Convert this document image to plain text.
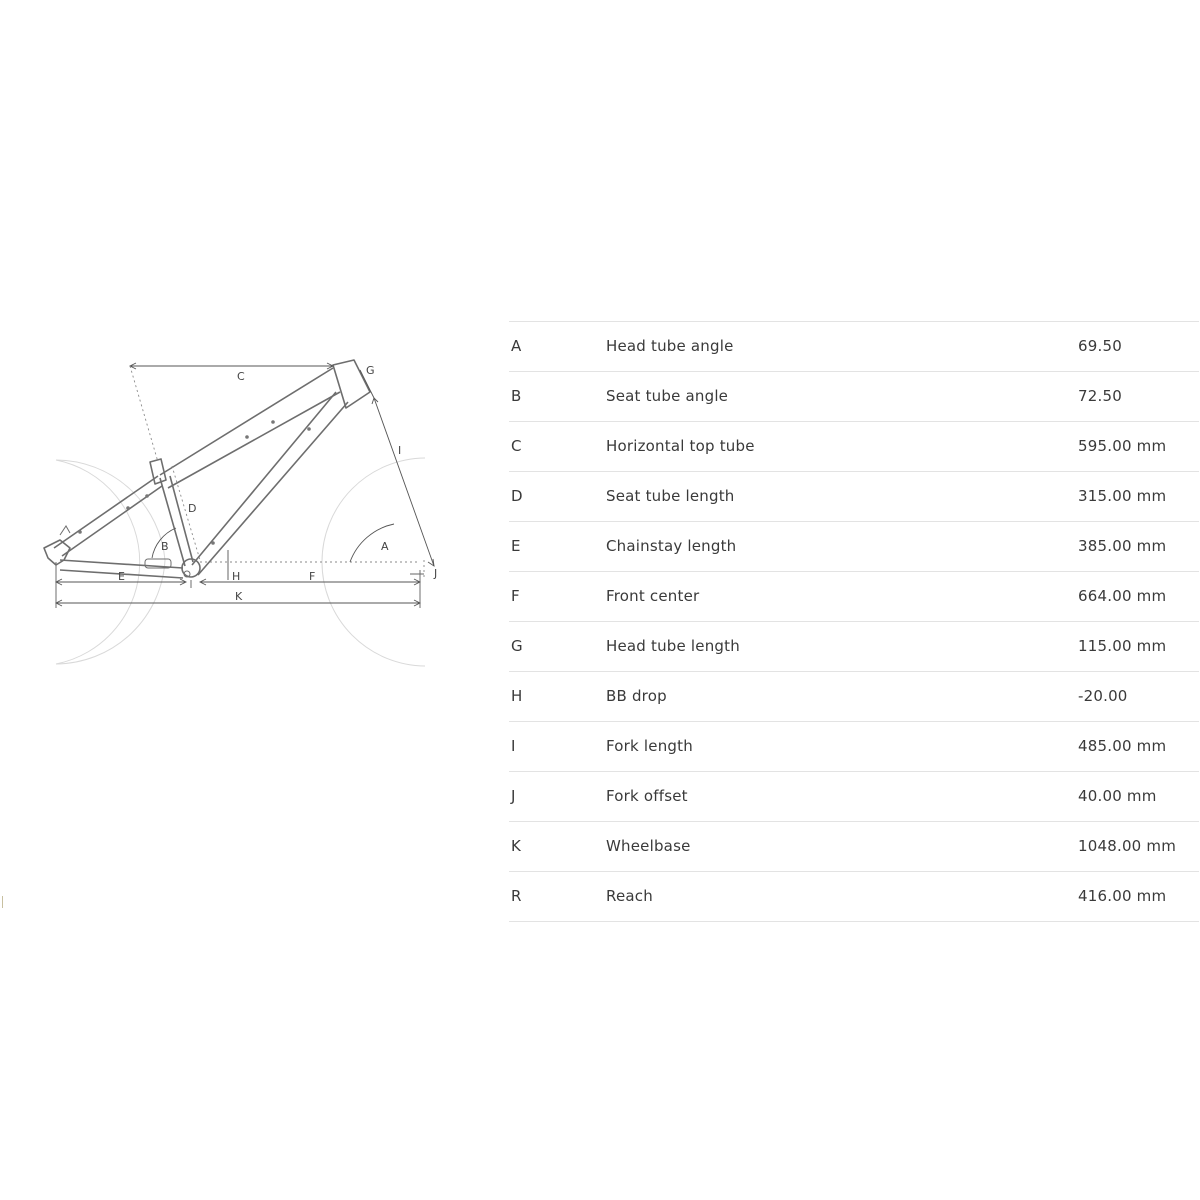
C	G
I
D
B	A
H	J
E	F
K
A	Head tube angle	69.50
B	Seat tube angle	72.50
C	Horizontal top tube	595.00 mm
D	Seat tube length	315.00 mm
E	Chainstay length	385.00 mm
F	Front center	664.00 mm
G	Head tube length	115.00 mm
H	BB drop	-20.00
I	Fork length	485.00 mm
J	Fork offset	40.00 mm
K	Wheelbase	1048.00 mm
R	Reach	416.00 mm
